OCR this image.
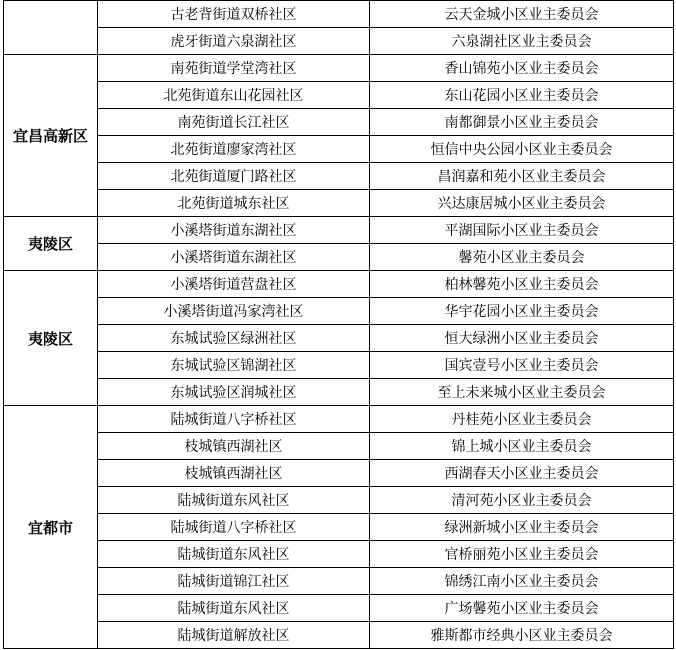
	古老背街道双桥社区	云天金城小区业主委员会
	虎牙街道六泉湖社区	六泉湖社区业主委员会
宜昌高新区	南苑街道学堂湾社区	香山锦苑小区业主委员会
	北苑街道东山花园社区	东山花园小区业主委员会
	南苑街道长江社区	南都御景小区业主委员会
	北苑街道廖家湾社区	恒信中央公园小区业主委员会
	北苑街道厦门路社区	昌润嘉和苑小区业主委员会
	北苑街道城东社区	兴达康居城小区业主委员会
夷陵区	小溪塔街道东湖社区	平湖国际小区业主委员会
	小溪塔街道东湖社区	馨苑小区业主委员会
夷陵区	小溪塔街道营盘社区	柏林馨苑小区业主委员会
	小溪塔街道冯家湾社区	华宇花园小区业主委员会
	东城试验区绿洲社区	恒大绿洲小区业主委员会
	东城试验区锦湖社区	国宾壹号小区业主委员会
	东城试验区润城社区	至上未来城小区业主委员会
宜都市	陆城街道八字桥社区	丹桂苑小区业主委员会
	枝城镇西湖社区	锦上城小区业主委员会
	枝城镇西湖社区	西湖春天小区业主委员会
	陆城街道东风社区	清河苑小区业主委员会
	陆城街道八字桥社区	绿洲新城小区业主委员会
	陆城街道东风社区	官桥丽苑小区业主委员会
	陆城街道锦江社区	锦绣江南小区业主委员会
	陆城街道东风社区	广场馨苑小区业主委员会
	陆城街道解放社区	雅斯都市经典小区业主委员会
